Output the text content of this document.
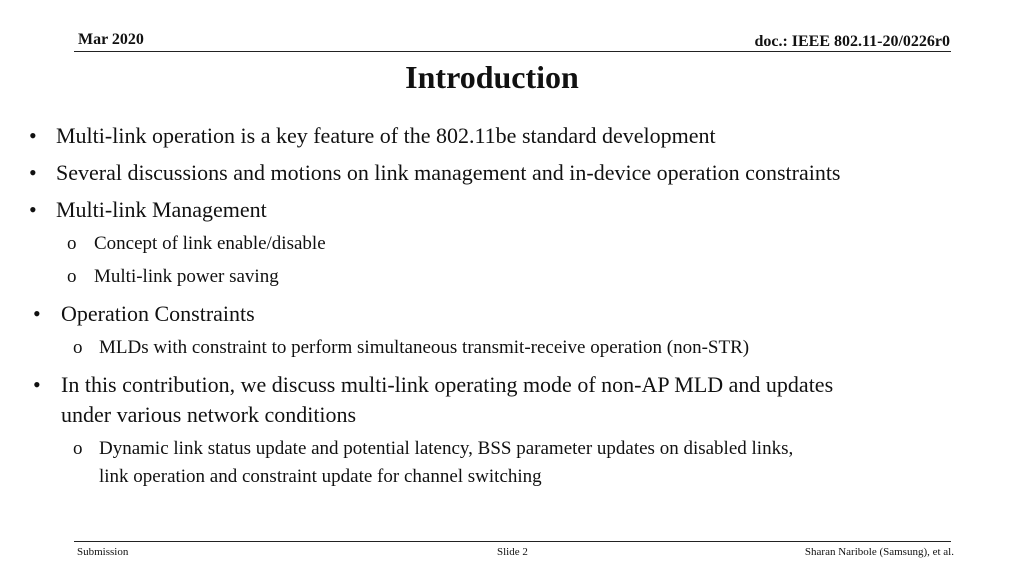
Mar 2020	doc.: IEEE 802.11-20/0226r0
Introduction
• Multi-link operation is a key feature of the 802.11be standard development
• Several discussions and motions on link management and in-device operation constraints
• Multi-link Management
o Concept of link enable/disable
o Multi-link power saving
• Operation Constraints
o MLDs with constraint to perform simultaneous transmit-receive operation (non-STR)
• In this contribution, we discuss multi-link operating mode of non-AP MLD and updates
under various network conditions
o Dynamic link status update and potential latency, BSS parameter updates on disabled links,
link operation and constraint update for channel switching
Submission	Slide 2	Sharan Naribole (Samsung), et al.
